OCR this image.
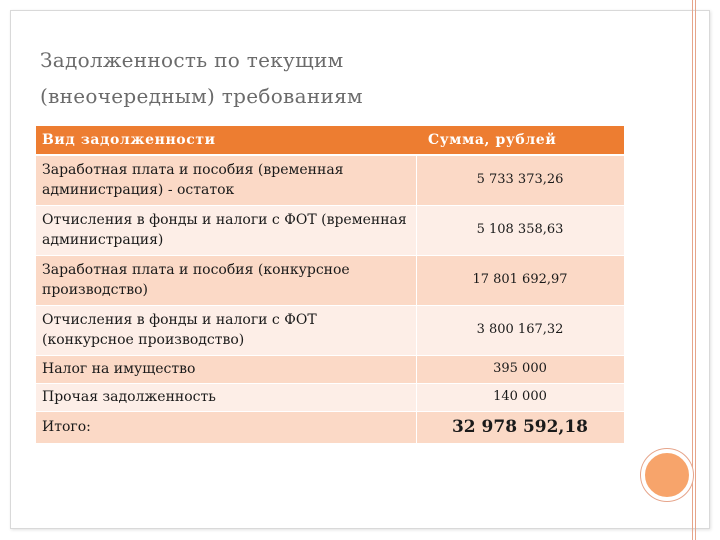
Задолженность по текущим
(внеочередным) требованиям
Вид задолженности	Сумма, рублей
Заработная плата и пособия (временная администрация) - остаток	5 733 373,26
Отчисления в фонды и налоги с ФОТ (временная администрация)	5 108 358,63
Заработная плата и пособия (конкурсное производство)	17 801 692,97
Отчисления в фонды и налоги с ФОТ (конкурсное производство)	3 800 167,32
Налог на имущество	395 000
Прочая задолженность	140 000
Итого:	32 978 592,18
